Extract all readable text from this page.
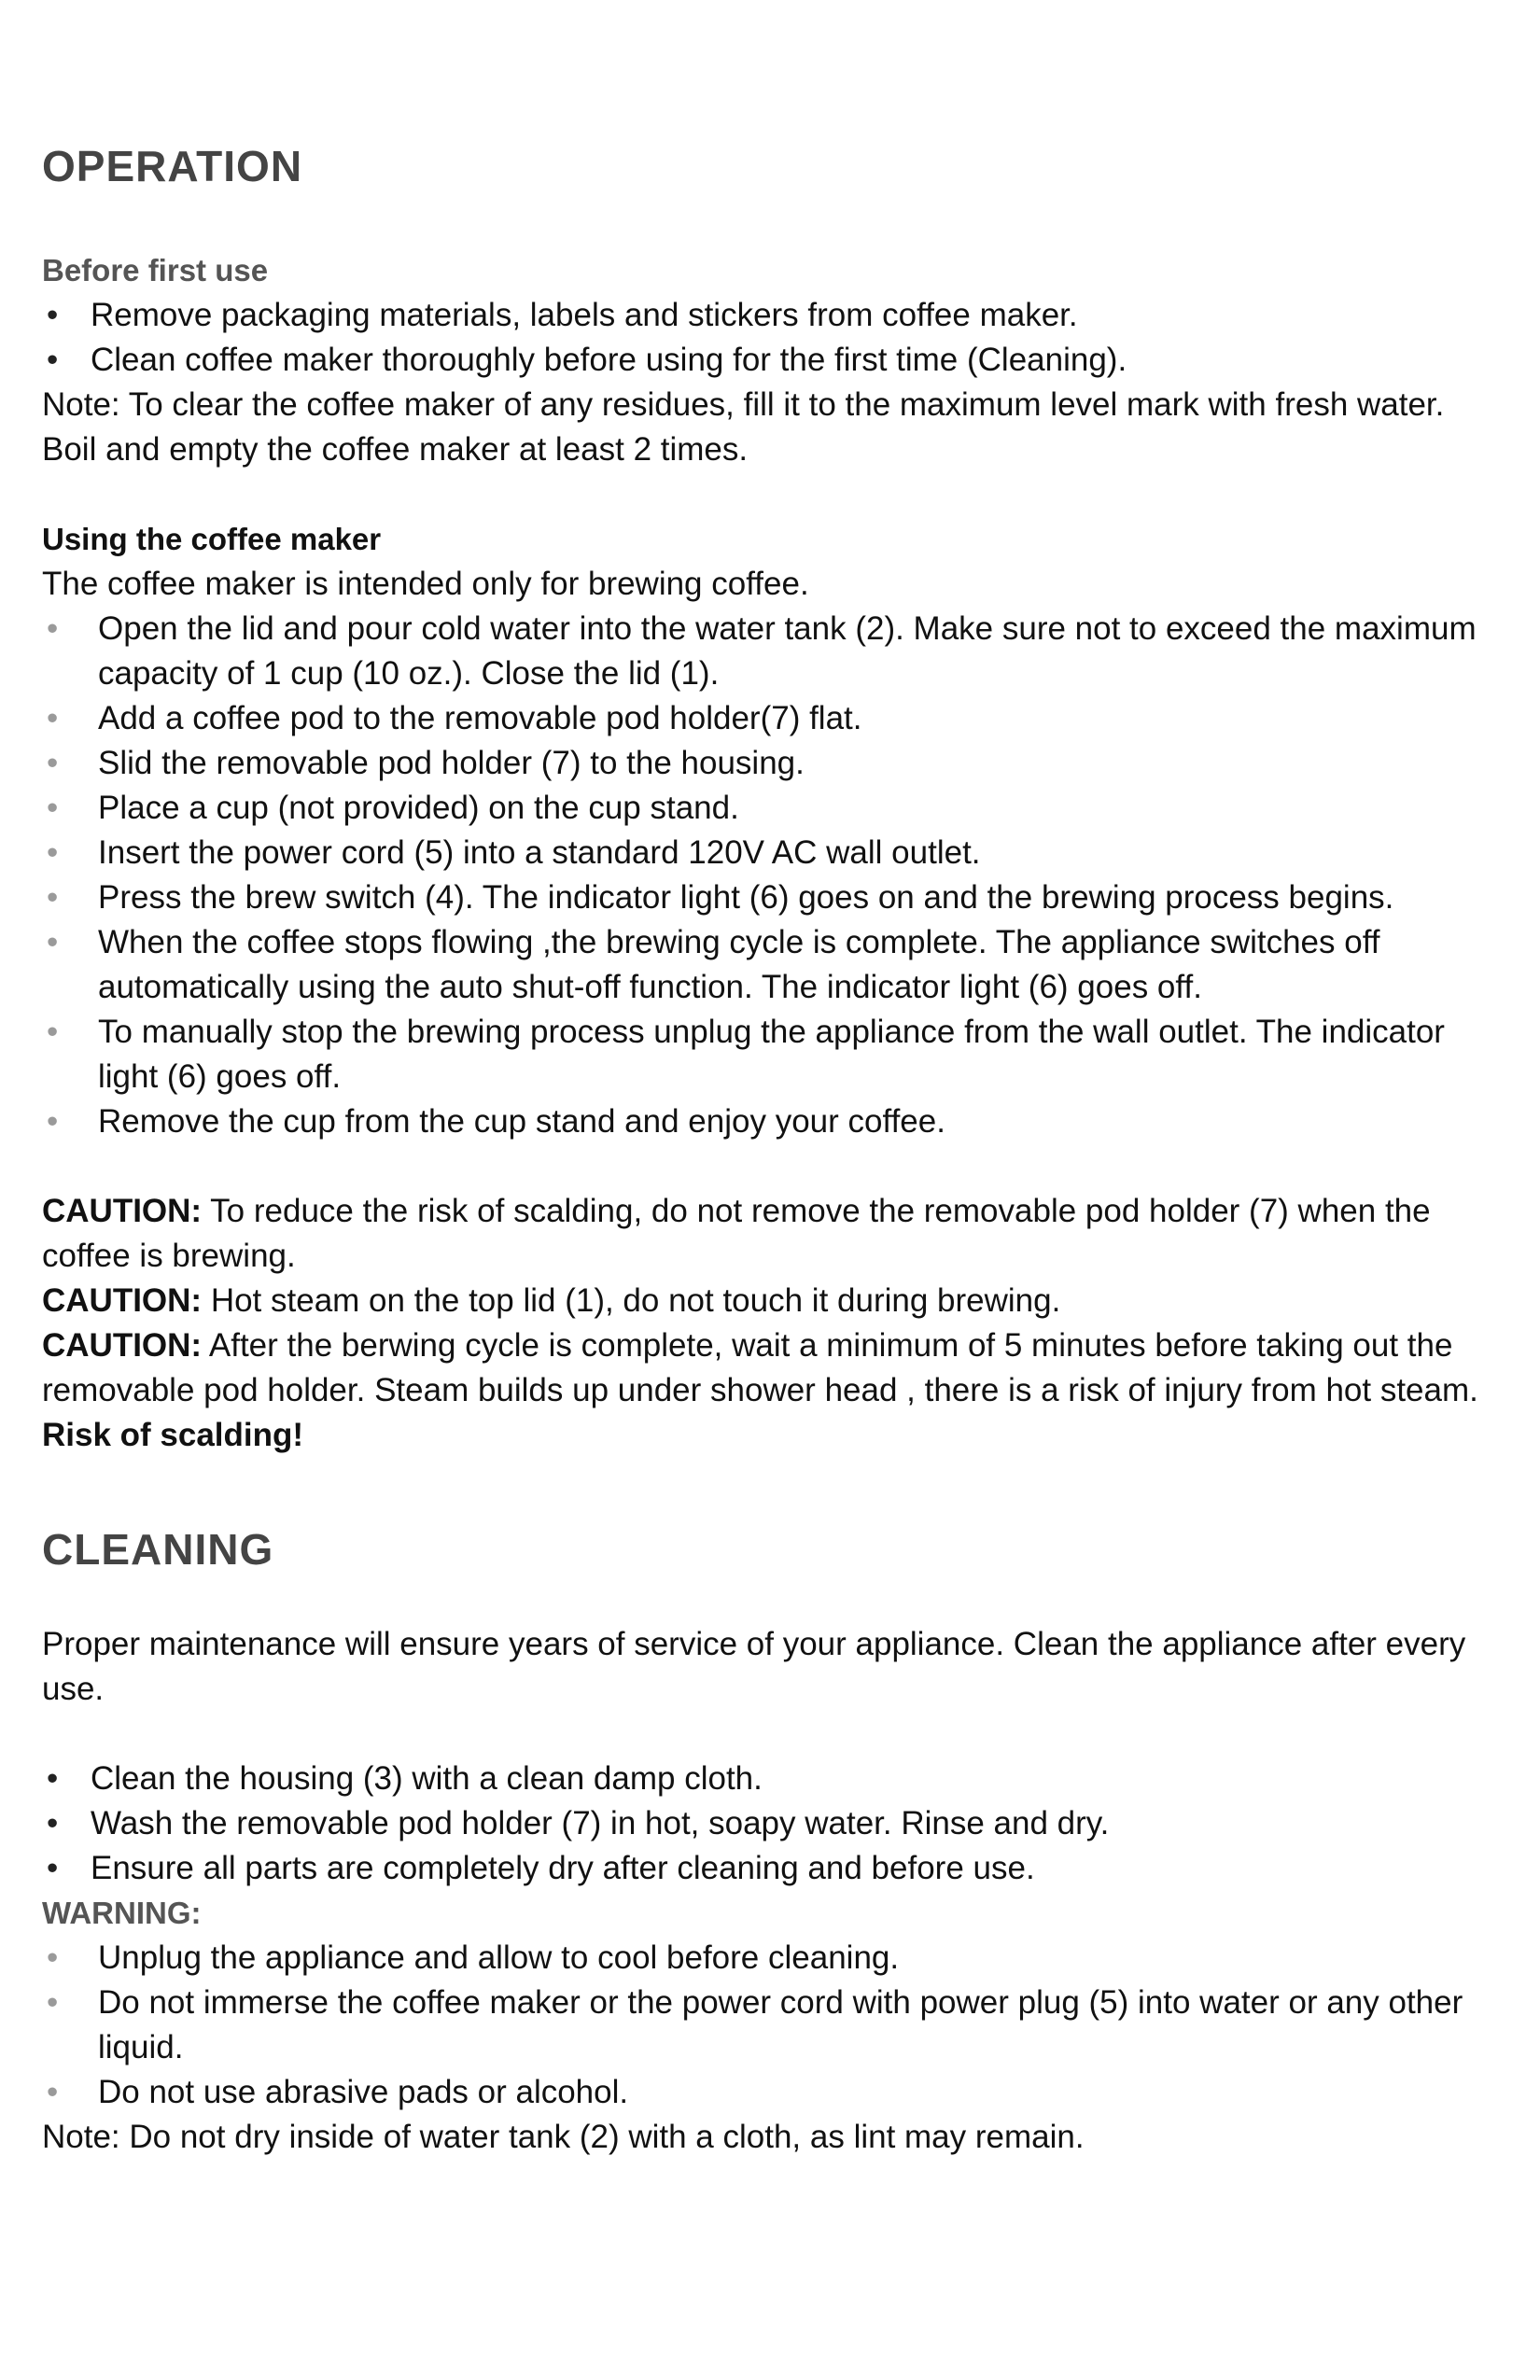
OPERATION

Before first use

• Remove packaging materials, labels and stickers from coffee maker.
• Clean coffee maker thoroughly before using for the first time (Cleaning).

Note: To clear the coffee maker of any residues, fill it to the maximum level mark with fresh water. Boil and empty the coffee maker at least 2 times.

Using the coffee maker

The coffee maker is intended only for brewing coffee.

• Open the lid and pour cold water into the water tank (2). Make sure not to exceed the maximum capacity of 1 cup (10 oz.). Close the lid (1).
• Add a coffee pod to the removable pod holder(7) flat.
• Slid the removable pod holder (7) to the housing.
• Place a cup (not provided) on the cup stand.
• Insert the power cord (5) into a standard 120V AC wall outlet.
• Press the brew switch (4). The indicator light (6) goes on and the brewing process begins.
• When the coffee stops flowing ,the brewing cycle is complete. The appliance switches off automatically using the auto shut-off function. The indicator light (6) goes off.
• To manually stop the brewing process unplug the appliance from the wall outlet. The indicator light (6) goes off.
• Remove the cup from the cup stand and enjoy your coffee.

CAUTION: To reduce the risk of scalding, do not remove the removable pod holder (7) when the coffee is brewing.

CAUTION: Hot steam on the top lid (1), do not touch it during brewing.

CAUTION: After the berwing cycle is complete, wait a minimum of 5 minutes before taking out the removable pod holder. Steam builds up under shower head , there is a risk of injury from hot steam. Risk of scalding!

CLEANING

Proper maintenance will ensure years of service of your appliance. Clean the appliance after every use.

• Clean the housing (3) with a clean damp cloth.
• Wash the removable pod holder (7) in hot, soapy water. Rinse and dry.
• Ensure all parts are completely dry after cleaning and before use.

WARNING:

• Unplug the appliance and allow to cool before cleaning.
• Do not immerse the coffee maker or the power cord with power plug (5) into water or any other liquid.
• Do not use abrasive pads or alcohol.

Note: Do not dry inside of water tank (2) with a cloth, as lint may remain.
